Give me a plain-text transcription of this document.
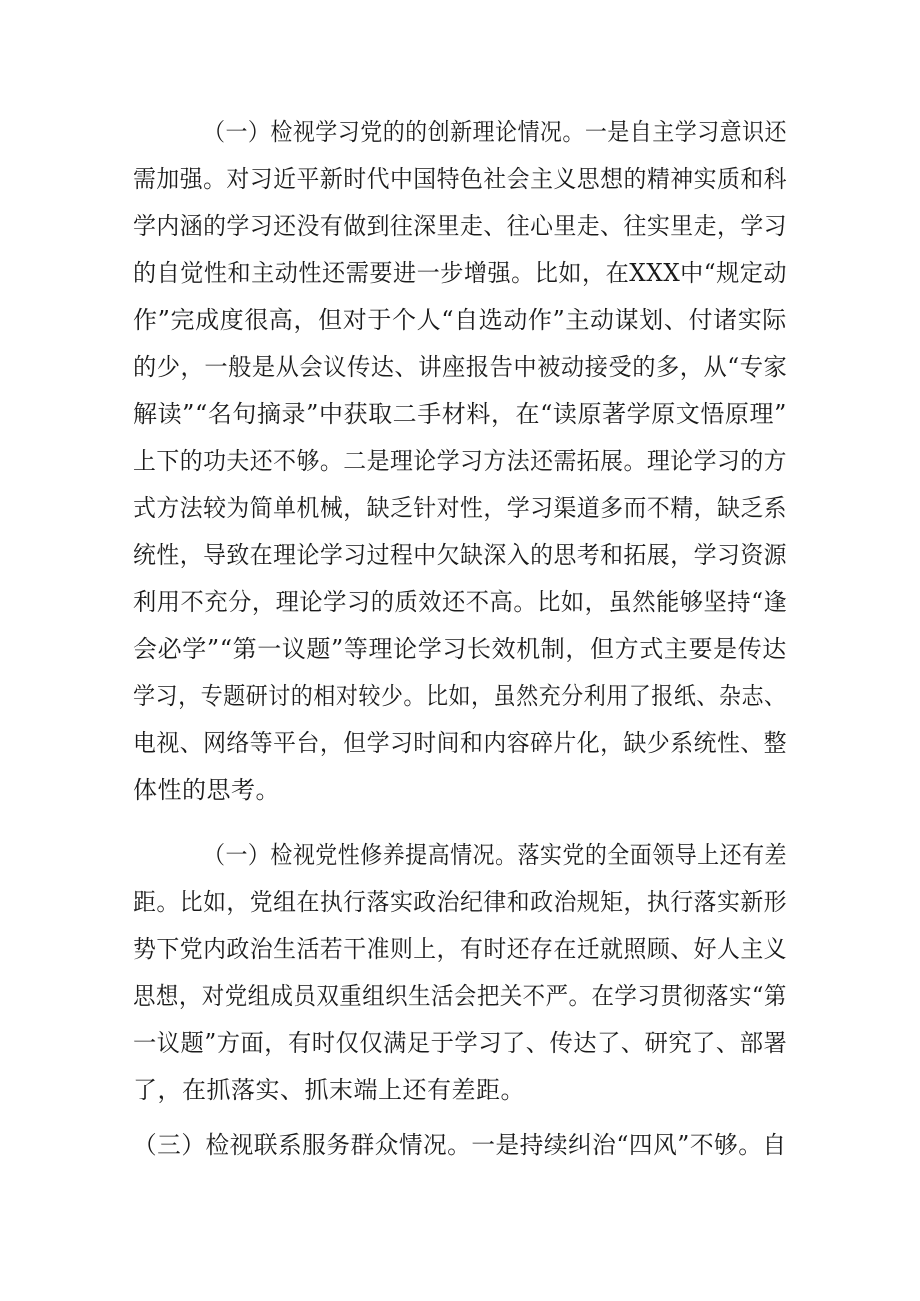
（一）检视学习党的的创新理论情况。一是自主学习意识还
需加强。对习近平新时代中国特色社会主义思想的精神实质和科
学内涵的学习还没有做到往深里走、往心里走、往实里走，学习
的自觉性和主动性还需要进一步增强。比如，在XXX中“规定动
作”完成度很高，但对于个人“自选动作”主动谋划、付诸实际
的少，一般是从会议传达、讲座报告中被动接受的多，从“专家
解读”“名句摘录”中获取二手材料，在“读原著学原文悟原理”
上下的功夫还不够。二是理论学习方法还需拓展。理论学习的方
式方法较为简单机械，缺乏针对性，学习渠道多而不精，缺乏系
统性，导致在理论学习过程中欠缺深入的思考和拓展，学习资源
利用不充分，理论学习的质效还不高。比如，虽然能够坚持“逢
会必学”“第一议题”等理论学习长效机制，但方式主要是传达
学习，专题研讨的相对较少。比如，虽然充分利用了报纸、杂志、
电视、网络等平台，但学习时间和内容碎片化，缺少系统性、整
体性的思考。
（一）检视党性修养提高情况。落实党的全面领导上还有差
距。比如，党组在执行落实政治纪律和政治规矩，执行落实新形
势下党内政治生活若干准则上，有时还存在迁就照顾、好人主义
思想，对党组成员双重组织生活会把关不严。在学习贯彻落实“第
一议题”方面，有时仅仅满足于学习了、传达了、研究了、部署
了，在抓落实、抓末端上还有差距。
（三）检视联系服务群众情况。一是持续纠治“四风”不够。自
